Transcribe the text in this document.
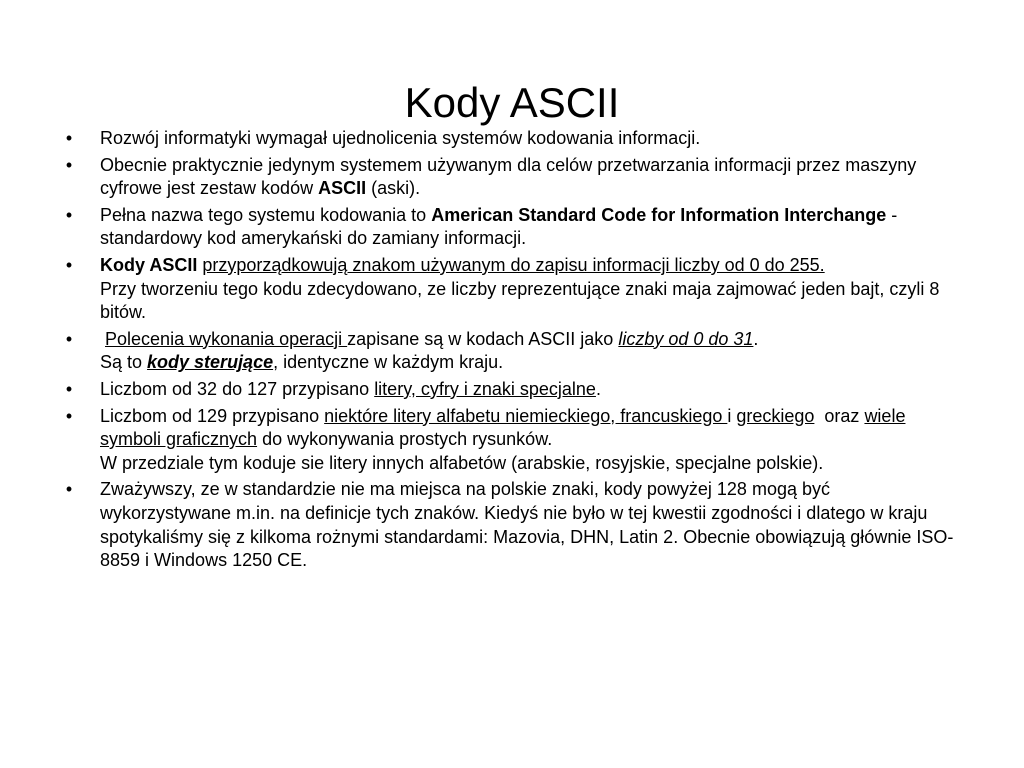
Kody ASCII
• Rozwój informatyki wymagał ujednolicenia systemów kodowania informacji.

• Obecnie praktycznie jedynym systemem używanym dla celów przetwarzania informacji przez maszyny cyfrowe jest zestaw kodów ASCII (aski).

• Pełna nazwa tego systemu kodowania to American Standard Code for Information Interchange - standardowy kod amerykański do zamiany informacji.

• Kody ASCII przyporządkowują znakom używanym do zapisu informacji liczby od 0 do 255.

Przy tworzeniu tego kodu zdecydowano, ze liczby reprezentujące znaki maja zajmować jeden bajt, czyli 8 bitów.

• Polecenia wykonania operacji zapisane są w kodach ASCII jako liczby od 0 do 31.

Są to kody sterujące, identyczne w każdym kraju.

• Liczbom od 32 do 127 przypisano litery, cyfry i znaki specjalne.

• Liczbom od 129 przypisano niektóre litery alfabetu niemieckiego, francuskiego i greckiego  oraz wiele symboli graficznych do wykonywania prostych rysunków.

W przedziale tym koduje sie litery innych alfabetów (arabskie, rosyjskie, specjalne polskie).

• Zważywszy, ze w standardzie nie ma miejsca na polskie znaki, kody powyżej 128 mogą być wykorzystywane m.in. na definicje tych znaków. Kiedyś nie było w tej kwestii zgodności i dlatego w kraju spotykaliśmy się z kilkoma rożnymi standardami: Mazovia, DHN, Latin 2. Obecnie obowiązują głównie ISO-8859 i Windows 1250 CE.
